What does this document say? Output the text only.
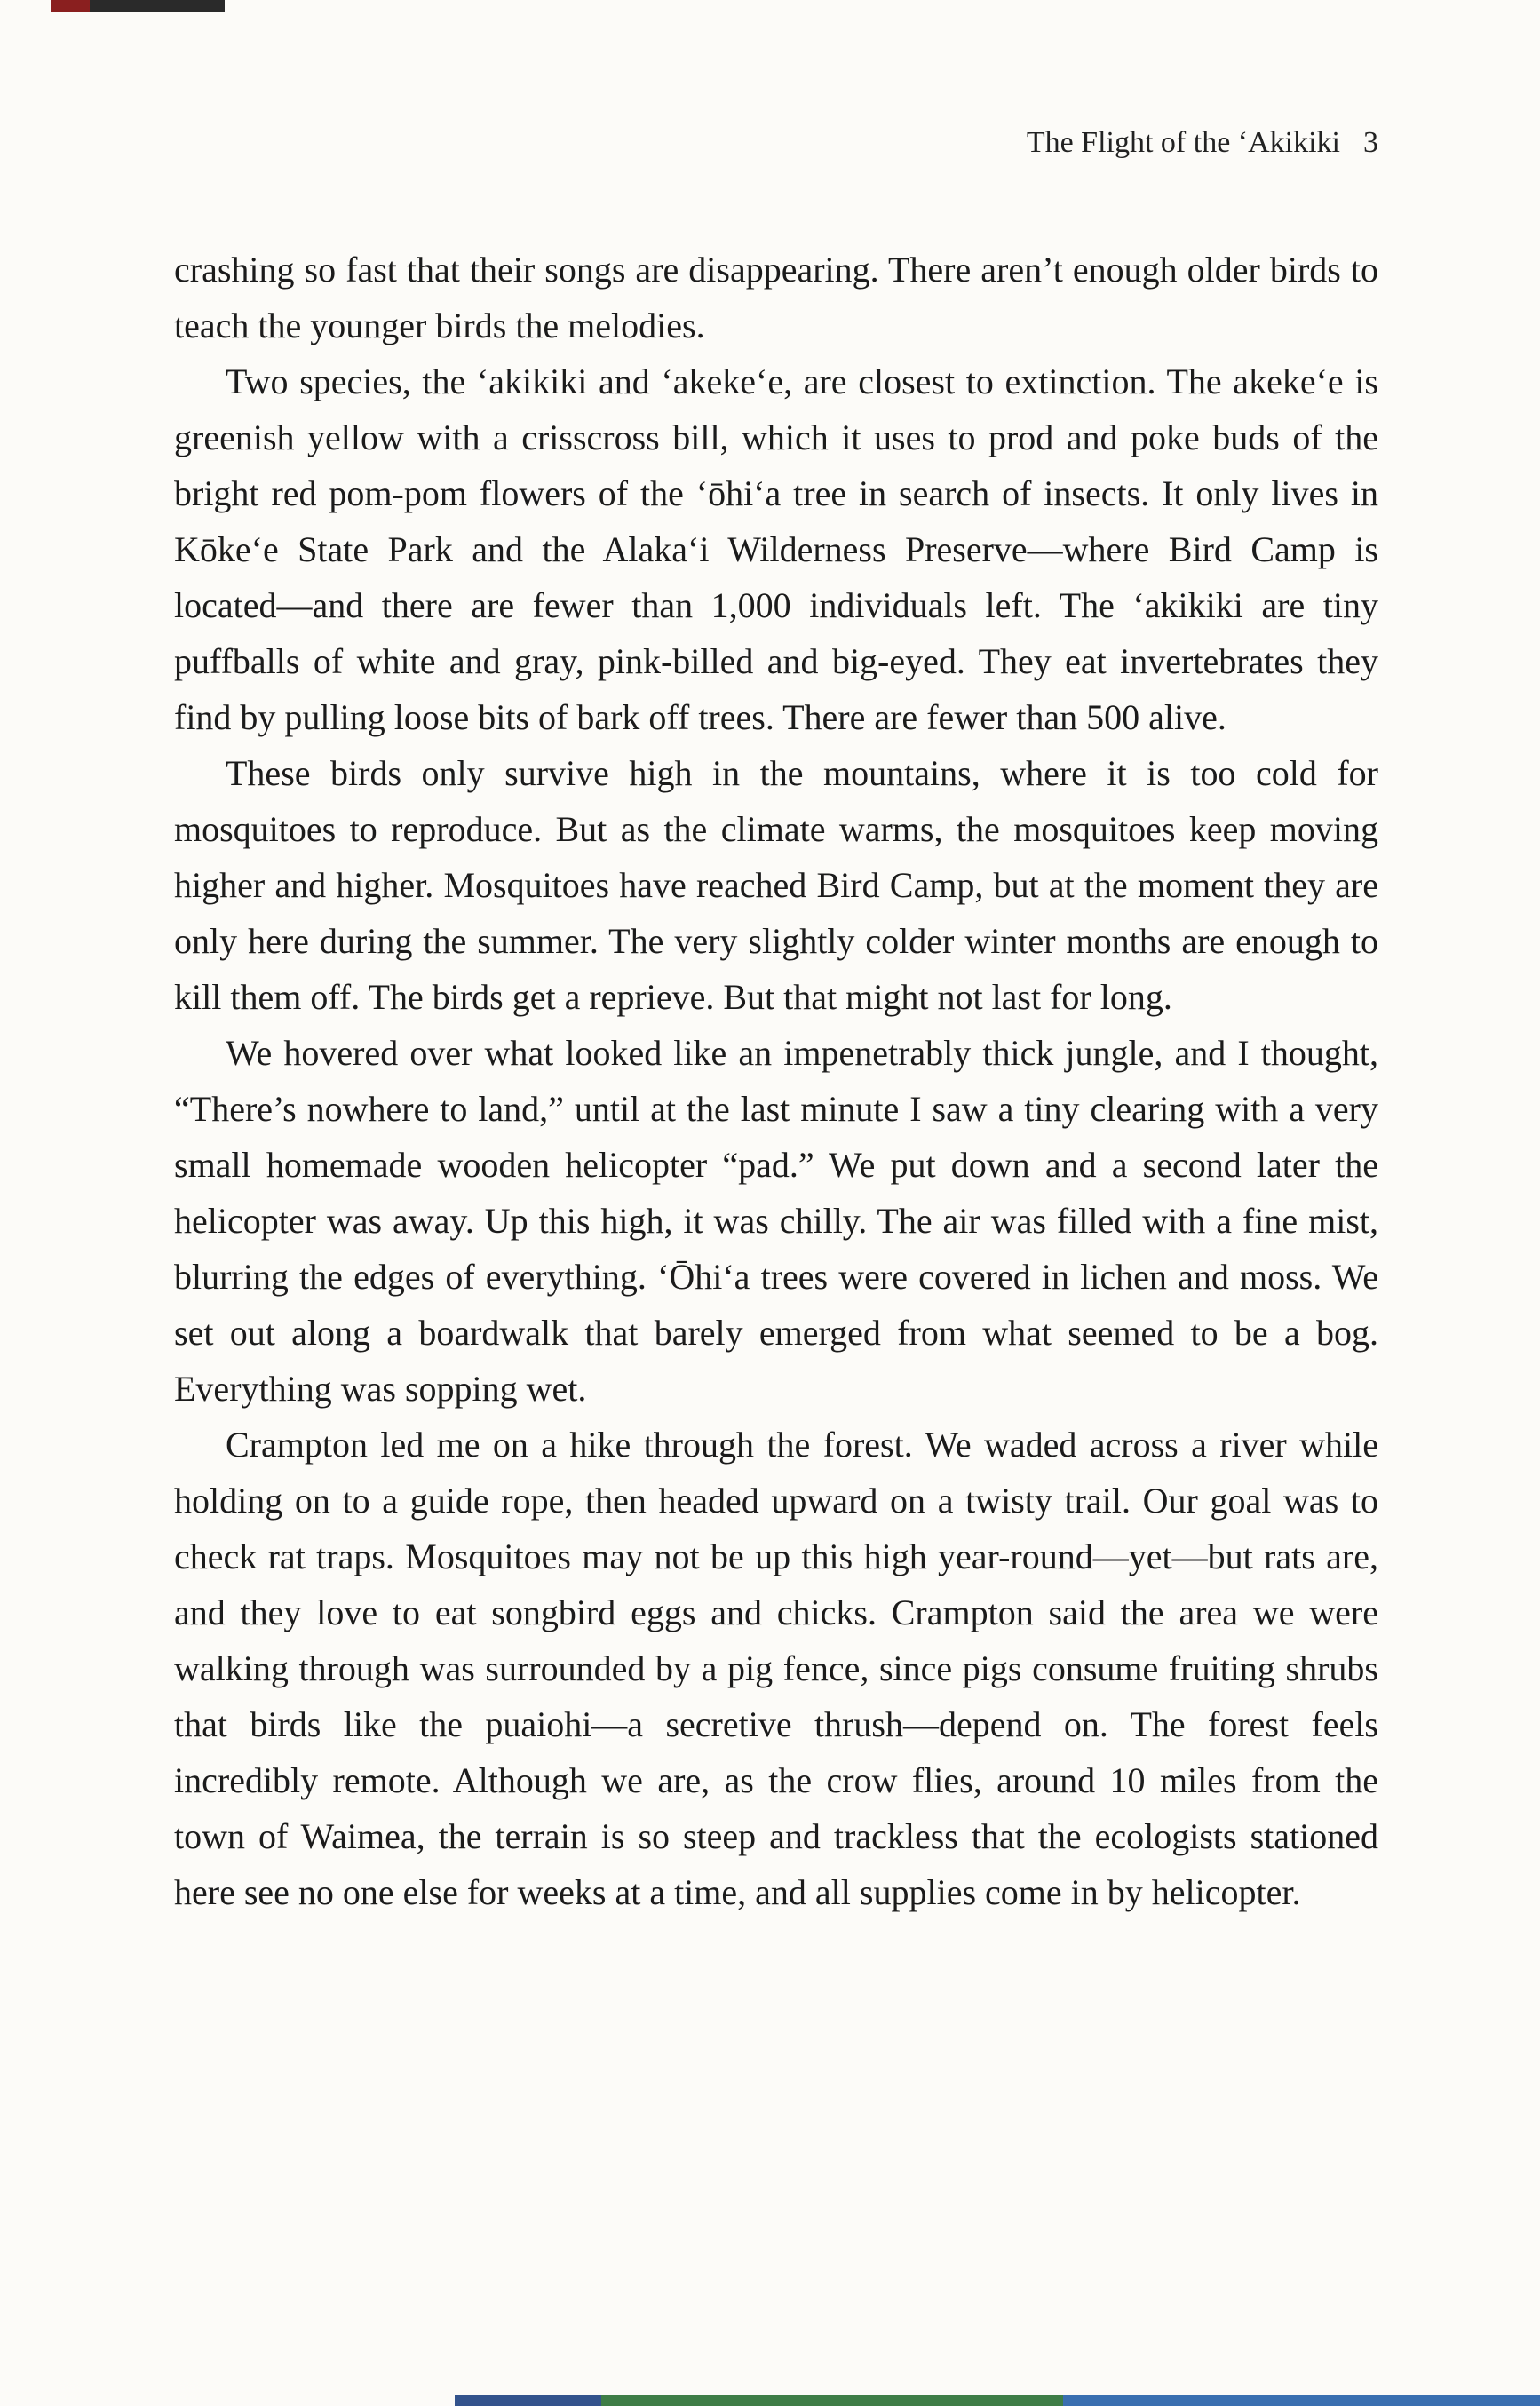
The Flight of the ʻAkikiki 3

crashing so fast that their songs are disappearing. There aren’t enough older birds to teach the younger birds the melodies.

Two species, the ʻakikiki and ʻakekeʻe, are closest to extinction. The akekeʻe is greenish yellow with a crisscross bill, which it uses to prod and poke buds of the bright red pom-pom flowers of the ʻōhiʻa tree in search of insects. It only lives in Kōkeʻe State Park and the Alakaʻi Wilderness Preserve—where Bird Camp is located—and there are fewer than 1,000 individuals left. The ʻakikiki are tiny puffballs of white and gray, pink-billed and big-eyed. They eat invertebrates they find by pulling loose bits of bark off trees. There are fewer than 500 alive.

These birds only survive high in the mountains, where it is too cold for mosquitoes to reproduce. But as the climate warms, the mosquitoes keep moving higher and higher. Mosquitoes have reached Bird Camp, but at the moment they are only here during the summer. The very slightly colder winter months are enough to kill them off. The birds get a reprieve. But that might not last for long.

We hovered over what looked like an impenetrably thick jungle, and I thought, “There’s nowhere to land,” until at the last minute I saw a tiny clearing with a very small homemade wooden helicopter “pad.” We put down and a second later the helicopter was away. Up this high, it was chilly. The air was filled with a fine mist, blurring the edges of everything. ʻŌhiʻa trees were covered in lichen and moss. We set out along a boardwalk that barely emerged from what seemed to be a bog. Everything was sopping wet.

Crampton led me on a hike through the forest. We waded across a river while holding on to a guide rope, then headed upward on a twisty trail. Our goal was to check rat traps. Mosquitoes may not be up this high year-round—yet—but rats are, and they love to eat songbird eggs and chicks. Crampton said the area we were walking through was surrounded by a pig fence, since pigs consume fruiting shrubs that birds like the puaiohi—a secretive thrush—depend on. The forest feels incredibly remote. Although we are, as the crow flies, around 10 miles from the town of Waimea, the terrain is so steep and trackless that the ecologists stationed here see no one else for weeks at a time, and all supplies come in by helicopter.
